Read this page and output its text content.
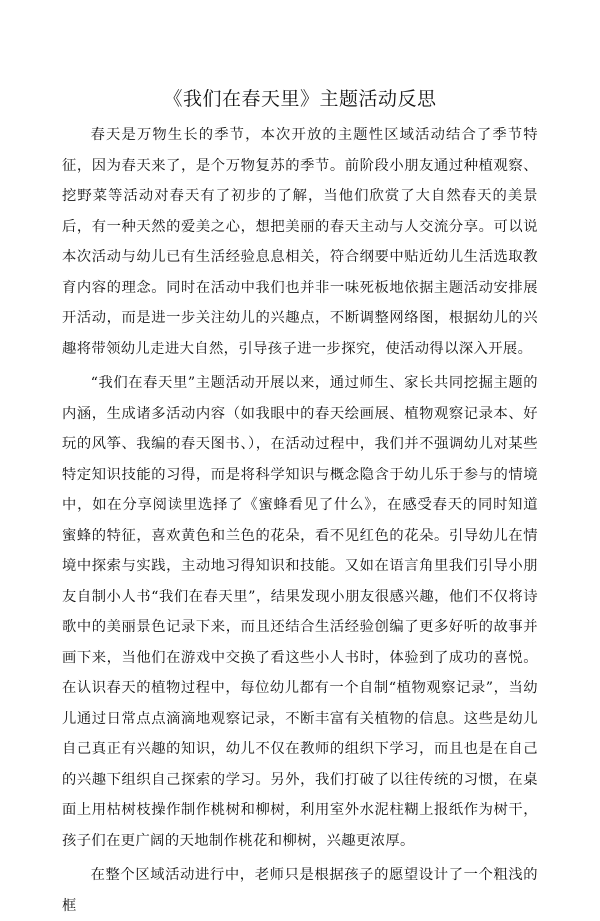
《我们在春天里》主题活动反思

春天是万物生长的季节，本次开放的主题性区域活动结合了季节特征，因为春天来了，是个万物复苏的季节。前阶段小朋友通过种植观察、挖野菜等活动对春天有了初步的了解，当他们欣赏了大自然春天的美景后，有一种天然的爱美之心，想把美丽的春天主动与人交流分享。可以说本次活动与幼儿已有生活经验息息相关，符合纲要中贴近幼儿生活选取教育内容的理念。同时在活动中我们也并非一味死板地依据主题活动安排展开活动，而是进一步关注幼儿的兴趣点，不断调整网络图，根据幼儿的兴趣将带领幼儿走进大自然，引导孩子进一步探究，使活动得以深入开展。

“我们在春天里”主题活动开展以来，通过师生、家长共同挖掘主题的内涵，生成诸多活动内容（如我眼中的春天绘画展、植物观察记录本、好玩的风筝、我编的春天图书、），在活动过程中，我们并不强调幼儿对某些特定知识技能的习得，而是将科学知识与概念隐含于幼儿乐于参与的情境中，如在分享阅读里选择了《蜜蜂看见了什么》，在感受春天的同时知道蜜蜂的特征，喜欢黄色和兰色的花朵，看不见红色的花朵。引导幼儿在情境中探索与实践，主动地习得知识和技能。又如在语言角里我们引导小朋友自制小人书“我们在春天里”，结果发现小朋友很感兴趣，他们不仅将诗歌中的美丽景色记录下来，而且还结合生活经验创编了更多好听的故事并画下来，当他们在游戏中交换了看这些小人书时，体验到了成功的喜悦。在认识春天的植物过程中，每位幼儿都有一个自制“植物观察记录”，当幼儿通过日常点点滴滴地观察记录，不断丰富有关植物的信息。这些是幼儿自己真正有兴趣的知识，幼儿不仅在教师的组织下学习，而且也是在自己的兴趣下组织自己探索的学习。另外，我们打破了以往传统的习惯，在桌面上用枯树枝操作制作桃树和柳树，利用室外水泥柱糊上报纸作为树干，孩子们在更广阔的天地制作桃花和柳树，兴趣更浓厚。

在整个区域活动进行中，老师只是根据孩子的愿望设计了一个粗浅的框
